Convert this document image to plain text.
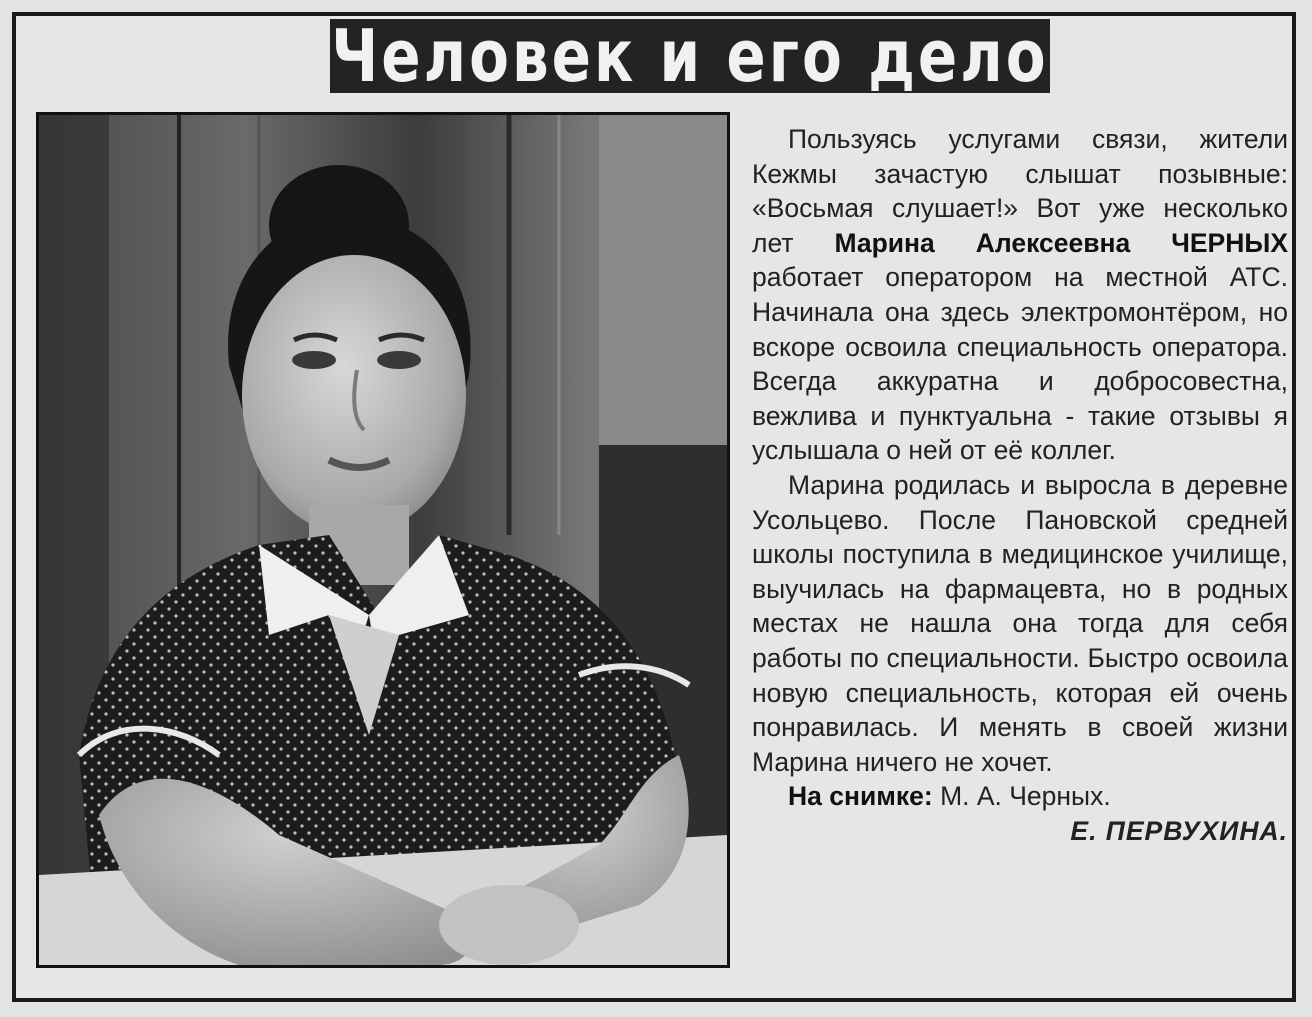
Человек и его дело

Пользуясь услугами связи, жители Кежмы зачастую слышат позывные: «Восьмая слушает!» Вот уже несколько лет Марина Алексеевна ЧЕРНЫХ работает оператором на местной АТС. Начинала она здесь электромонтёром, но вскоре освоила специальность оператора. Всегда аккуратна и добросовестна, вежлива и пунктуальна - такие отзывы я услышала о ней от её коллег.

Марина родилась и выросла в деревне Усольцево. После Пановской средней школы поступила в медицинское училище, выучилась на фармацевта, но в родных местах не нашла она тогда для себя работы по специальности. Быстро освоила новую специальность, которая ей очень понравилась. И менять в своей жизни Марина ничего не хочет.

На снимке: М. А. Черных.

Е. ПЕРВУХИНА.
